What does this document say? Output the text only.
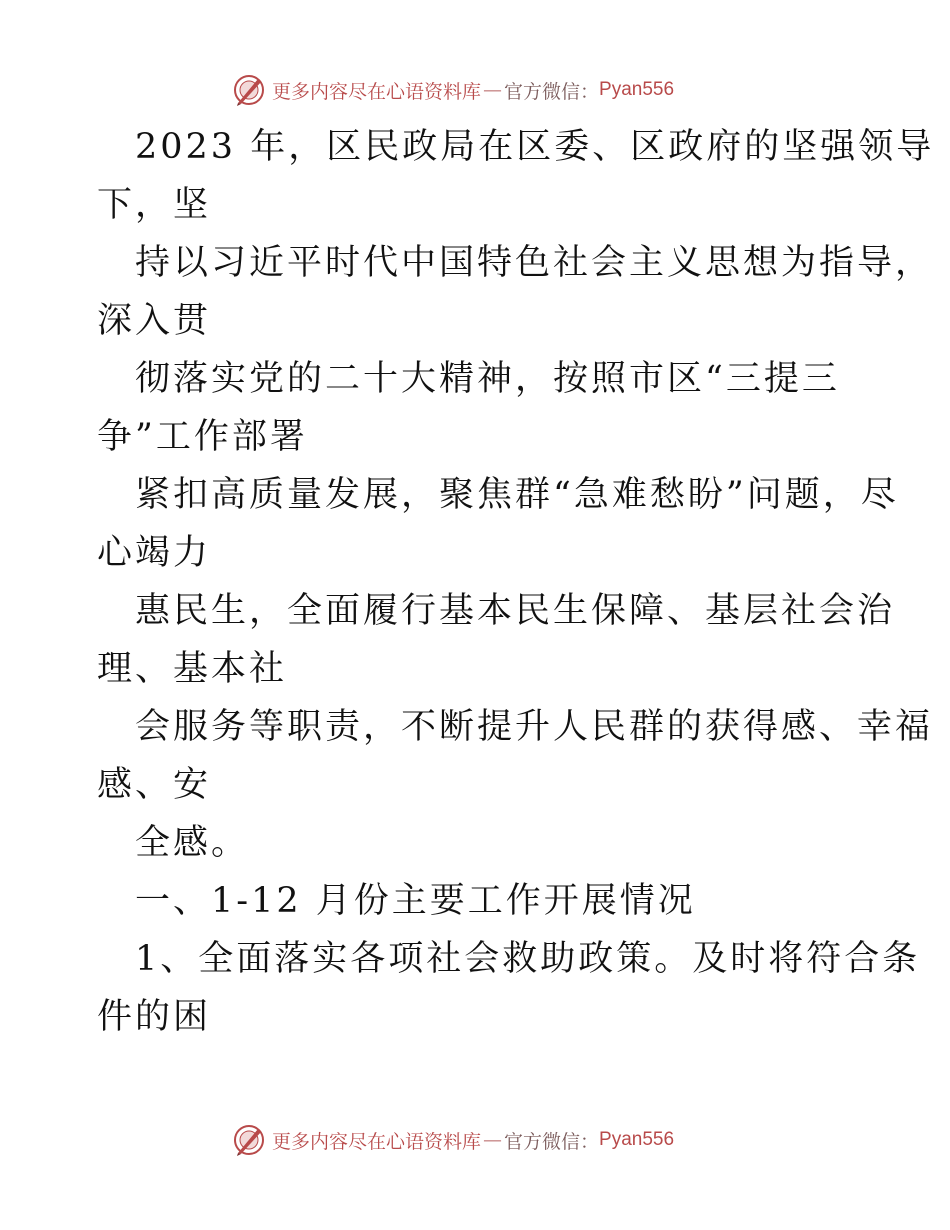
更多内容尽在心语资料库 — 官方微信： Pyan556
2023 年，区民政局在区委、区政府的坚强领导
下，坚
持以习近平时代中国特色社会主义思想为指导，
深入贯
彻落实党的二十大精神，按照市区“三提三
争”工作部署
紧扣高质量发展，聚焦群“急难愁盼”问题，尽
心竭力
惠民生，全面履行基本民生保障、基层社会治
理、基本社
会服务等职责，不断提升人民群的获得感、幸福
感、安
全感。
一、1-12 月份主要工作开展情况
1、全面落实各项社会救助政策。及时将符合条
件的困
更多内容尽在心语资料库 — 官方微信： Pyan556
